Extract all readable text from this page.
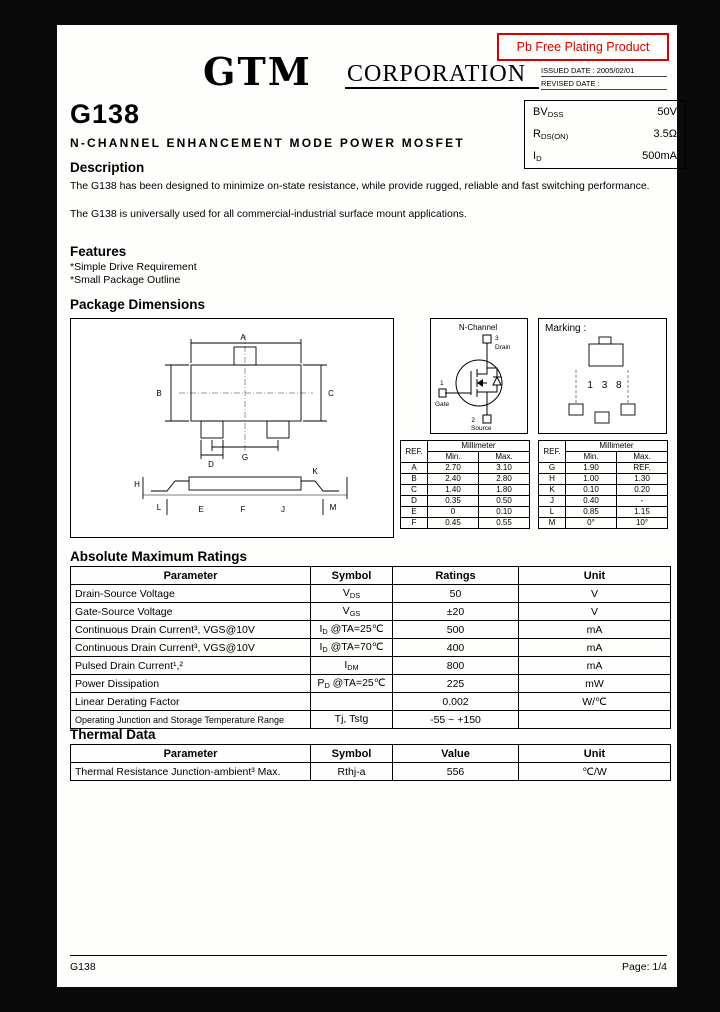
Pb Free Plating Product
GTM CORPORATION ISSUED DATE : 2005/02/01
REVISED DATE :
G138
N-CHANNEL ENHANCEMENT MODE POWER MOSFET
BVDSS	50V
RDS(ON)	3.5Ω
ID	500mA
Description
The G138 has been designed to minimize on-state resistance, while provide rugged, reliable and fast switching performance.
The G138 is universally used for all commercial-industrial surface mount applications.
Features
*Simple Drive Requirement
*Small Package Outline
Package Dimensions
A
B	C
D
G
H
L	E	F	J
K
M
N-Channel
3
Drain
1
Gate
2
Source
Marking :
1 3 8
REF.	Millimeter	
	Min.	Max.
A	2.70	3.10
B	2.40	2.80
C	1.40	1.80
D	0.35	0.50
E	0	0.10
F	0.45	0.55
REF.	Millimeter	
	Min.	Max.
G	1.90	REF.
H	1.00	1.30
K	0.10	0.20
J	0.40	-
L	0.85	1.15
M	0°	10°
Absolute Maximum Ratings
Parameter	Symbol	Ratings	Unit
Drain-Source Voltage	VDS	50	V
Gate-Source Voltage	VGS	±20	V
Continuous Drain Current³, VGS@10V	ID @TA=25℃	500	mA
Continuous Drain Current³, VGS@10V	ID @TA=70℃	400	mA
Pulsed Drain Current¹,²	IDM	800	mA
Power Dissipation	PD @TA=25℃	225	mW
Linear Derating Factor		0.002	W/℃
Operating Junction and Storage Temperature Range	Tj, Tstg	-55 ~ +150	
Thermal Data
Parameter	Symbol	Value	Unit
Thermal Resistance Junction-ambient³ Max.	Rthj-a	556	℃/W
G138	Page: 1/4
